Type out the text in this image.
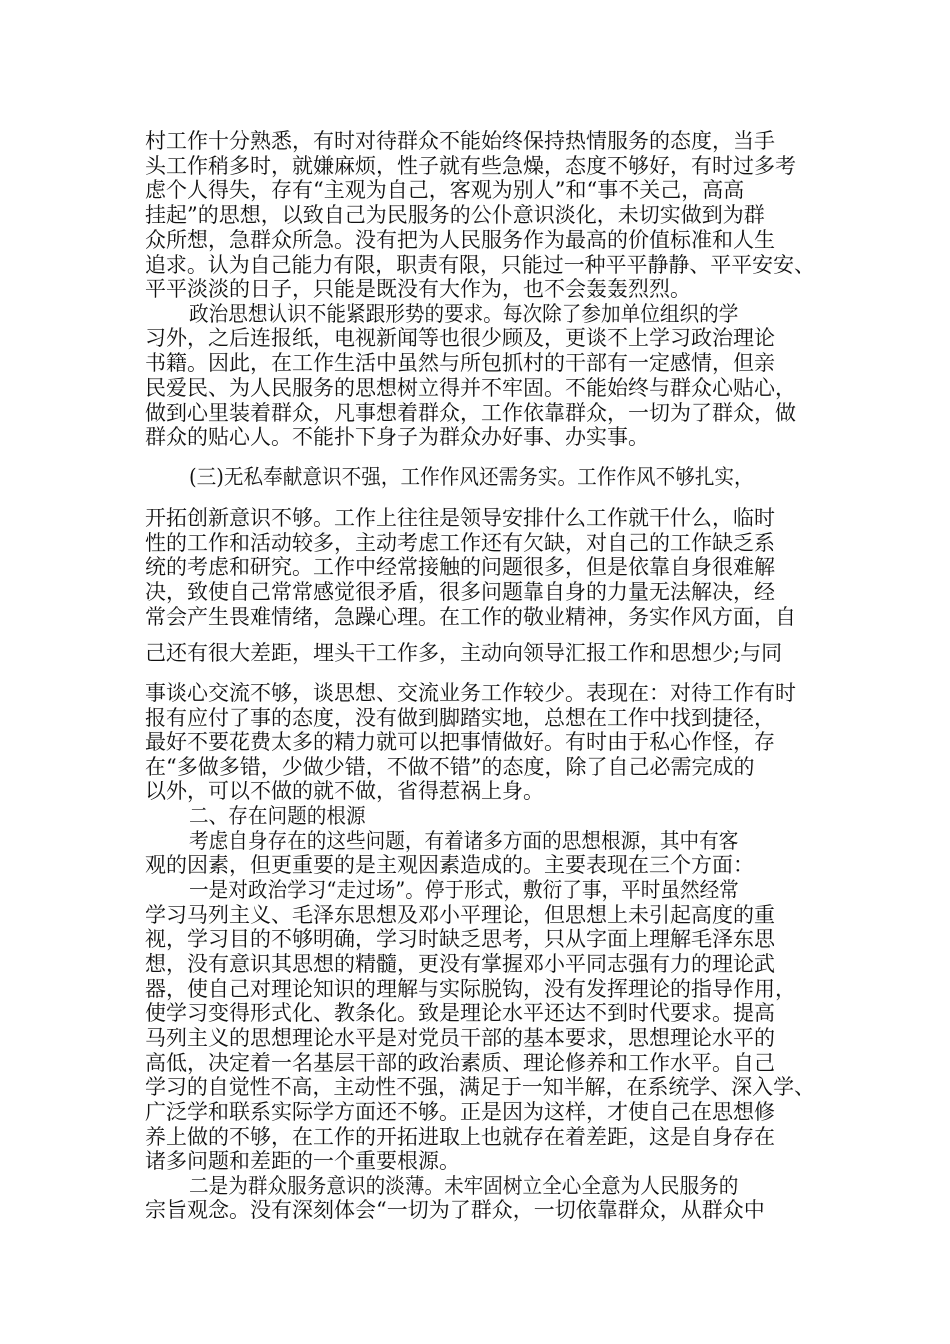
村工作十分熟悉，有时对待群众不能始终保持热情服务的态度，当手
头工作稍多时，就嫌麻烦，性子就有些急燥，态度不够好，有时过多考
虑个人得失，存有“主观为自己，客观为别人”和“事不关己，高高
挂起”的思想，以致自己为民服务的公仆意识淡化，未切实做到为群
众所想，急群众所急。没有把为人民服务作为最高的价值标准和人生
追求。认为自己能力有限，职责有限，只能过一种平平静静、平平安安、
平平淡淡的日子，只能是既没有大作为，也不会轰轰烈烈。
政治思想认识不能紧跟形势的要求。每次除了参加单位组织的学
习外，之后连报纸，电视新闻等也很少顾及，更谈不上学习政治理论
书籍。因此，在工作生活中虽然与所包抓村的干部有一定感情，但亲
民爱民、为人民服务的思想树立得并不牢固。不能始终与群众心贴心，
做到心里装着群众，凡事想着群众，工作依靠群众，一切为了群众，做
群众的贴心人。不能扑下身子为群众办好事、办实事。
(三)无私奉献意识不强，工作作风还需务实。工作作风不够扎实，
开拓创新意识不够。工作上往往是领导安排什么工作就干什么，临时
性的工作和活动较多，主动考虑工作还有欠缺，对自己的工作缺乏系
统的考虑和研究。工作中经常接触的问题很多，但是依靠自身很难解
决，致使自己常常感觉很矛盾，很多问题靠自身的力量无法解决，经
常会产生畏难情绪，急躁心理。在工作的敬业精神，务实作风方面，自
己还有很大差距，埋头干工作多，主动向领导汇报工作和思想少;与同
事谈心交流不够，谈思想、交流业务工作较少。表现在：对待工作有时
报有应付了事的态度，没有做到脚踏实地，总想在工作中找到捷径，
最好不要花费太多的精力就可以把事情做好。有时由于私心作怪，存
在“多做多错，少做少错，不做不错”的态度，除了自己必需完成的
以外，可以不做的就不做，省得惹祸上身。
二、存在问题的根源
考虑自身存在的这些问题，有着诸多方面的思想根源，其中有客
观的因素，但更重要的是主观因素造成的。主要表现在三个方面：
一是对政治学习“走过场”。停于形式，敷衍了事，平时虽然经常
学习马列主义、毛泽东思想及邓小平理论，但思想上未引起高度的重
视，学习目的不够明确，学习时缺乏思考，只从字面上理解毛泽东思
想，没有意识其思想的精髓，更没有掌握邓小平同志强有力的理论武
器，使自己对理论知识的理解与实际脱钩，没有发挥理论的指导作用，
使学习变得形式化、教条化。致是理论水平还达不到时代要求。提高
马列主义的思想理论水平是对党员干部的基本要求，思想理论水平的
高低，决定着一名基层干部的政治素质、理论修养和工作水平。自己
学习的自觉性不高，主动性不强，满足于一知半解，在系统学、深入学、
广泛学和联系实际学方面还不够。正是因为这样，才使自己在思想修
养上做的不够，在工作的开拓进取上也就存在着差距，这是自身存在
诸多问题和差距的一个重要根源。
二是为群众服务意识的淡薄。未牢固树立全心全意为人民服务的
宗旨观念。没有深刻体会“一切为了群众，一切依靠群众，从群众中
